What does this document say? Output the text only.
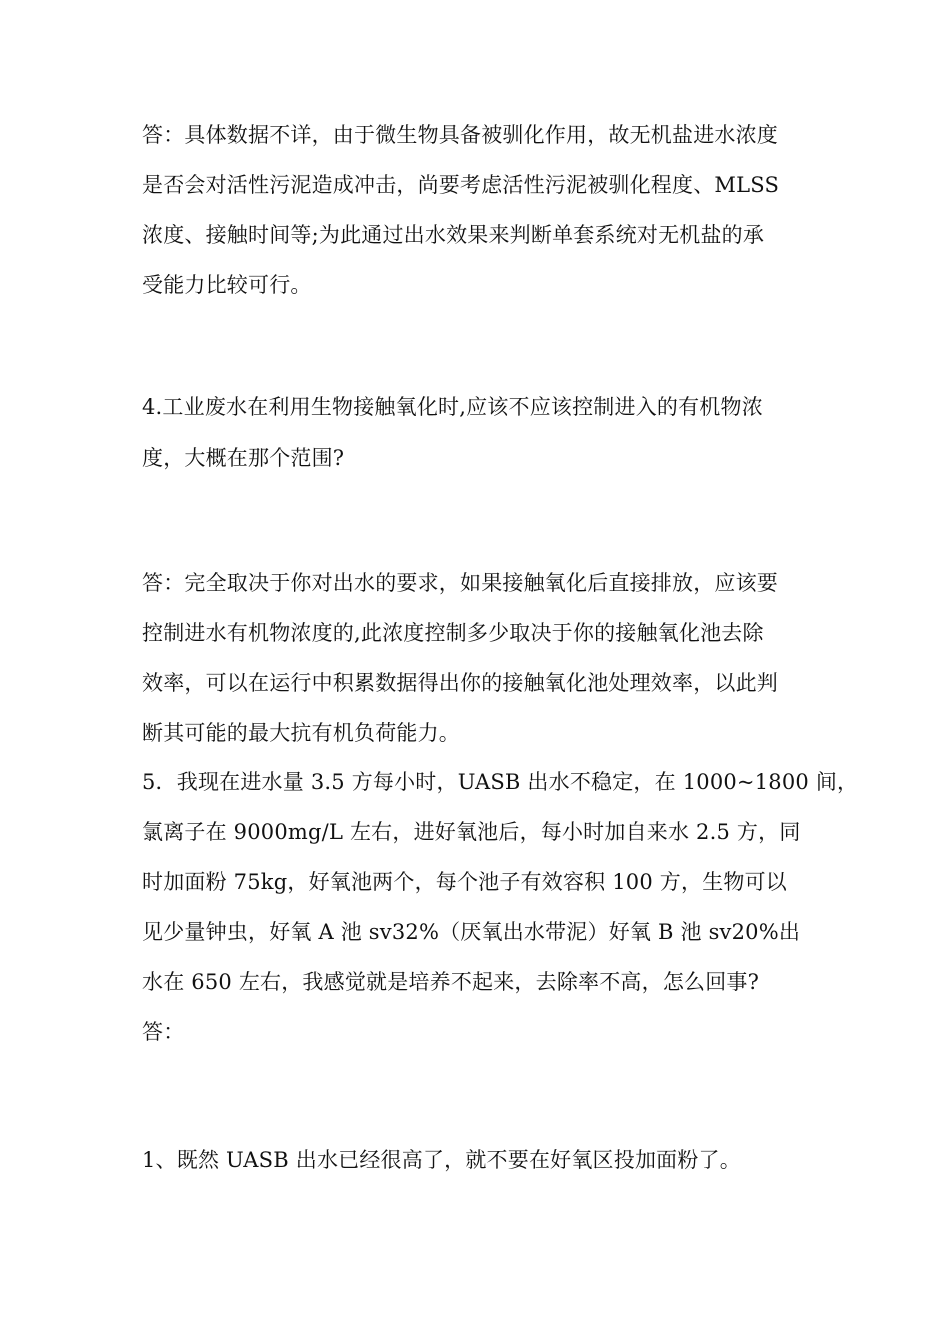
答：具体数据不详，由于微生物具备被驯化作用，故无机盐进水浓度
是否会对活性污泥造成冲击，尚要考虑活性污泥被驯化程度、MLSS
浓度、接触时间等;为此通过出水效果来判断单套系统对无机盐的承
受能力比较可行。
4.工业废水在利用生物接触氧化时,应该不应该控制进入的有机物浓
度，大概在那个范围?
答：完全取决于你对出水的要求，如果接触氧化后直接排放，应该要
控制进水有机物浓度的,此浓度控制多少取决于你的接触氧化池去除
效率，可以在运行中积累数据得出你的接触氧化池处理效率，以此判
断其可能的最大抗有机负荷能力。
5．我现在进水量 3.5 方每小时，UASB 出水不稳定，在 1000~1800 间，
氯离子在 9000mg/L 左右，进好氧池后，每小时加自来水 2.5 方，同
时加面粉 75kg，好氧池两个，每个池子有效容积 100 方，生物可以
见少量钟虫，好氧 A 池 sv32%（厌氧出水带泥）好氧 B 池 sv20%出
水在 650 左右，我感觉就是培养不起来，去除率不高，怎么回事?
答：
1、既然 UASB 出水已经很高了，就不要在好氧区投加面粉了。
